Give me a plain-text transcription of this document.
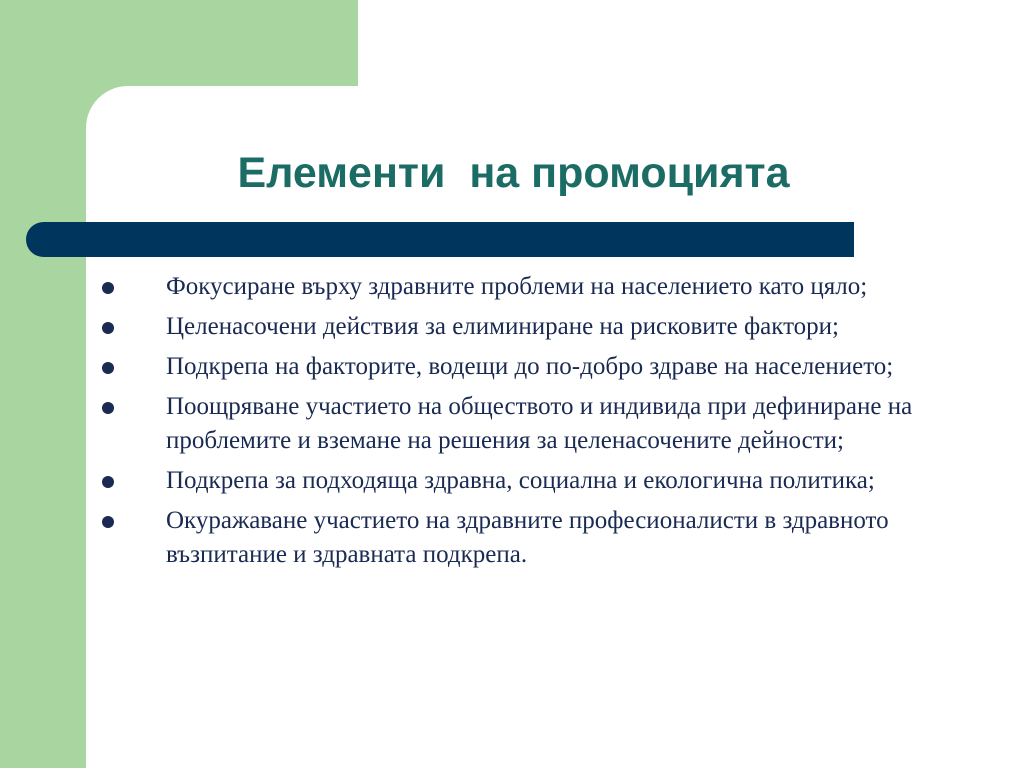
Елементи  на промоцията
Фокусиране върху здравните проблеми на населението като цяло;
Целенасочени действия за елиминиране на рисковите фактори;
Подкрепа на факторите, водещи до по-добро здраве на населението;
Поощряване участието на обществото и индивида при дефиниране на проблемите и вземане на решения за целенасочените дейности;
Подкрепа за подходяща здравна, социална и екологична политика;
Окуражаване участието на здравните професионалисти в здравното възпитание и здравната подкрепа.
